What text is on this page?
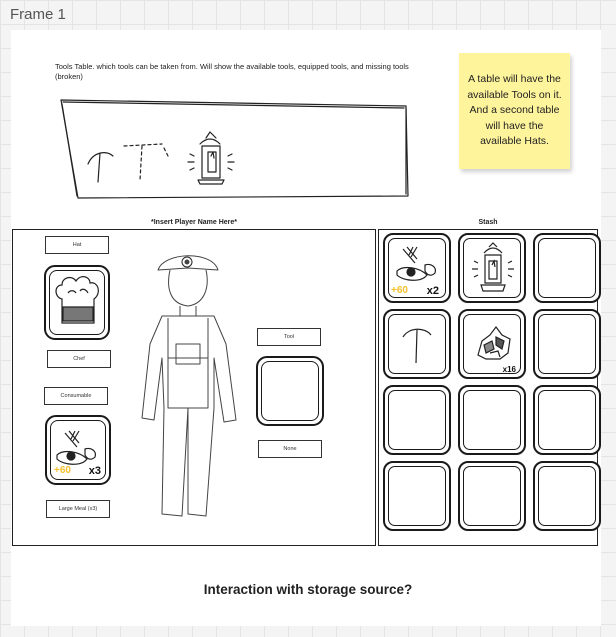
Frame 1
Tools Table. which tools can be taken from. Will show the available tools, equipped tools, and missing tools (broken)	A table will have the available Tools on it. And a second table will have the available Hats.
*Insert Player Name Here*
Hat
Chef
Consumable
+60 x3
Large Meal (x3)
Tool
None
Stash
+60 x2
x16
Interaction with storage source?
